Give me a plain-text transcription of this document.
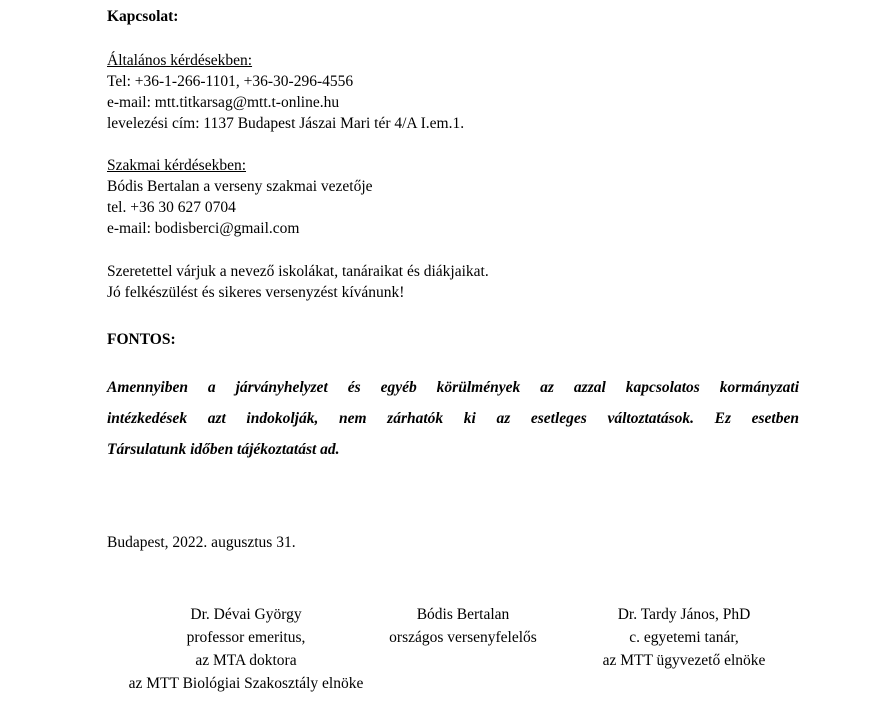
Kapcsolat:
Általános kérdésekben:
Tel: +36-1-266-1101, +36-30-296-4556
e-mail: mtt.titkarsag@mtt.t-online.hu
levelezési cím: 1137 Budapest Jászai Mari tér 4/A I.em.1.
Szakmai kérdésekben:
Bódis Bertalan a verseny szakmai vezetője
tel. +36 30 627 0704
e-mail: bodisberci@gmail.com
Szeretettel várjuk a nevező iskolákat, tanáraikat és diákjaikat.
Jó felkészülést és sikeres versenyzést kívánunk!
FONTOS:
Amennyiben a járványhelyzet és egyéb körülmények az azzal kapcsolatos kormányzati
intézkedések azt indokolják, nem zárhatók ki az esetleges változtatások. Ez esetben
Társulatunk időben tájékoztatást ad.
Budapest, 2022. augusztus 31.
Dr. Dévai György
professor emeritus,
az MTA doktora
az MTT Biológiai Szakosztály elnöke
Bódis Bertalan
országos versenyfelelős
Dr. Tardy János, PhD
c. egyetemi tanár,
az MTT ügyvezető elnöke
